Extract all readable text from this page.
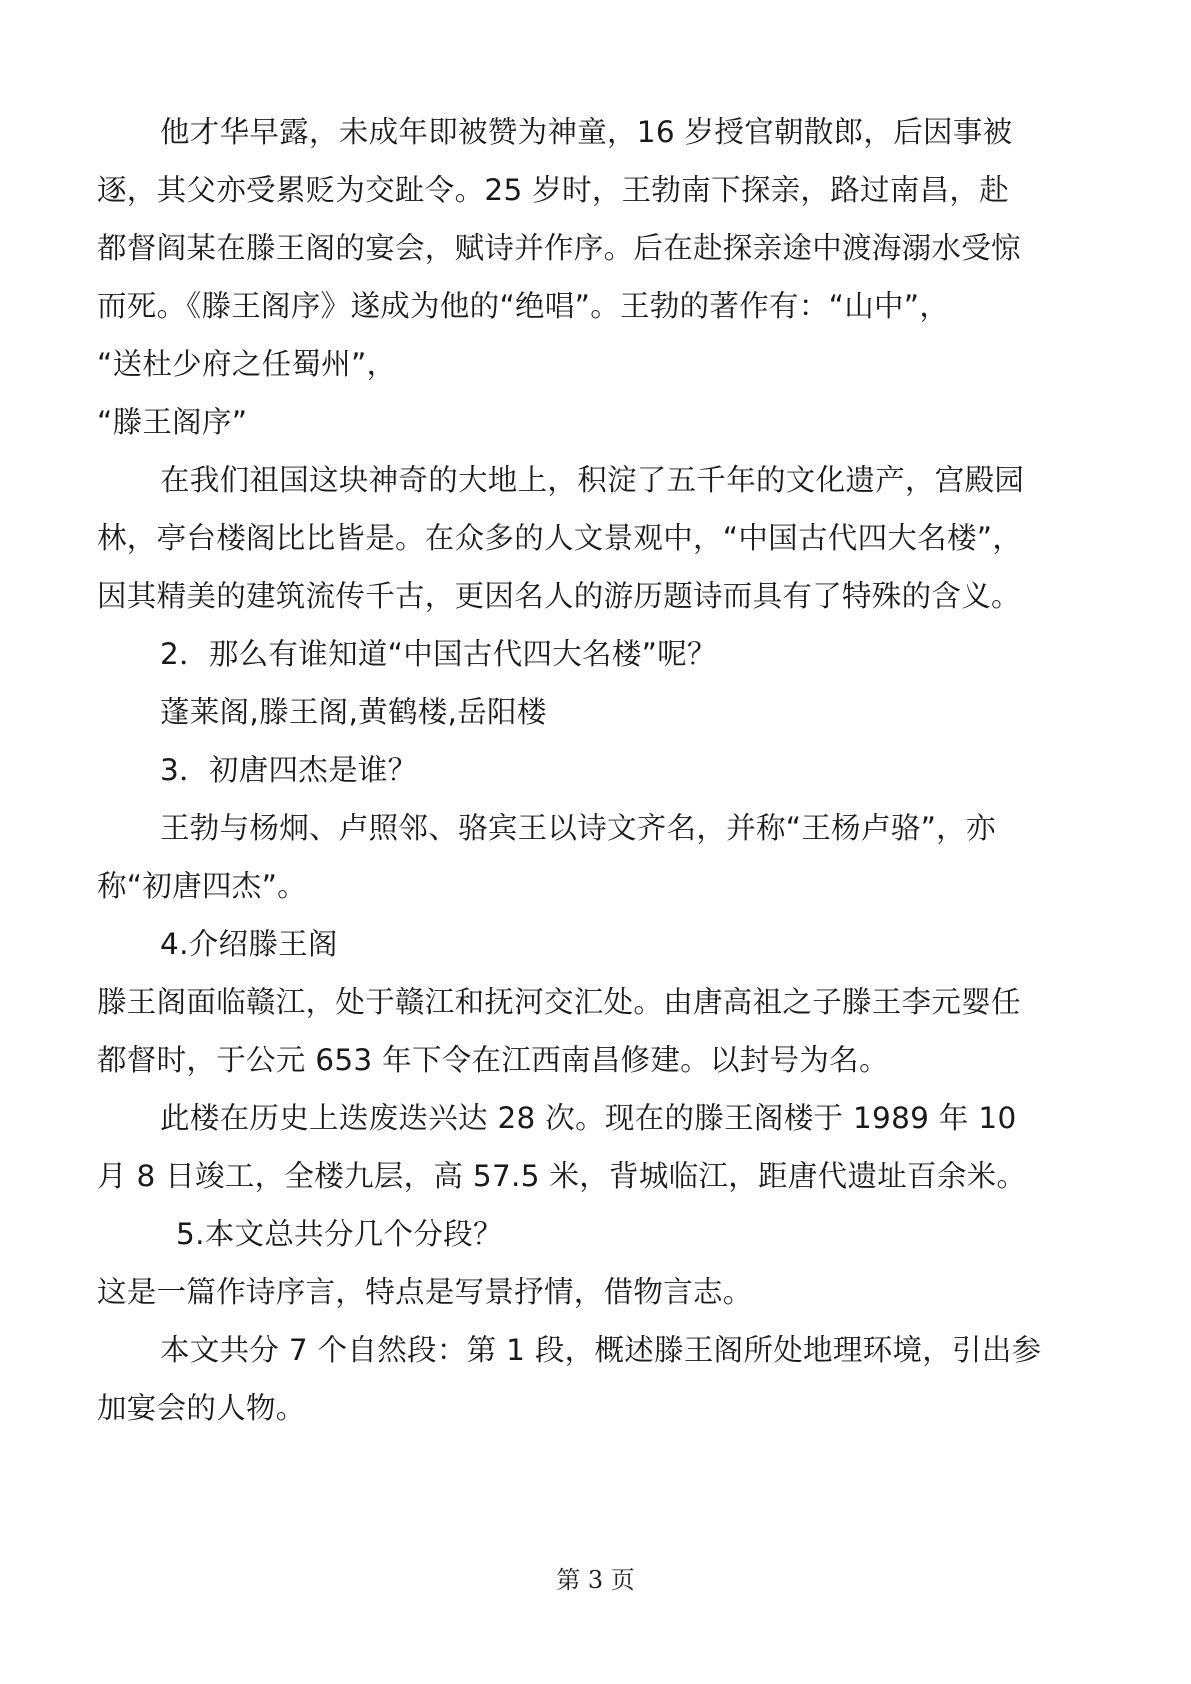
他才华早露，未成年即被赞为神童，16 岁授官朝散郎，后因事被
逐，其父亦受累贬为交趾令。25 岁时，王勃南下探亲，路过南昌，赴
都督阎某在滕王阁的宴会，赋诗并作序。后在赴探亲途中渡海溺水受惊
而死。《滕王阁序》遂成为他的“绝唱”。王勃的著作有：“山中”，
“送杜少府之任蜀州”，
“滕王阁序”
在我们祖国这块神奇的大地上，积淀了五千年的文化遗产，宫殿园
林，亭台楼阁比比皆是。在众多的人文景观中，“中国古代四大名楼”，
因其精美的建筑流传千古，更因名人的游历题诗而具有了特殊的含义。
2．那么有谁知道“中国古代四大名楼”呢？
蓬莱阁,滕王阁,黄鹤楼,岳阳楼
3．初唐四杰是谁？
王勃与杨炯、卢照邻、骆宾王以诗文齐名，并称“王杨卢骆”，亦
称“初唐四杰”。
4.介绍滕王阁
滕王阁面临赣江，处于赣江和抚河交汇处。由唐高祖之子滕王李元婴任
都督时，于公元 653 年下令在江西南昌修建。以封号为名。
此楼在历史上迭废迭兴达 28 次。现在的滕王阁楼于 1989 年 10
月 8 日竣工，全楼九层，高 57.5 米，背城临江，距唐代遗址百余米。
5.本文总共分几个分段？
这是一篇作诗序言，特点是写景抒情，借物言志。
本文共分 7 个自然段：第 1 段，概述滕王阁所处地理环境，引出参
加宴会的人物。
第 3 页
